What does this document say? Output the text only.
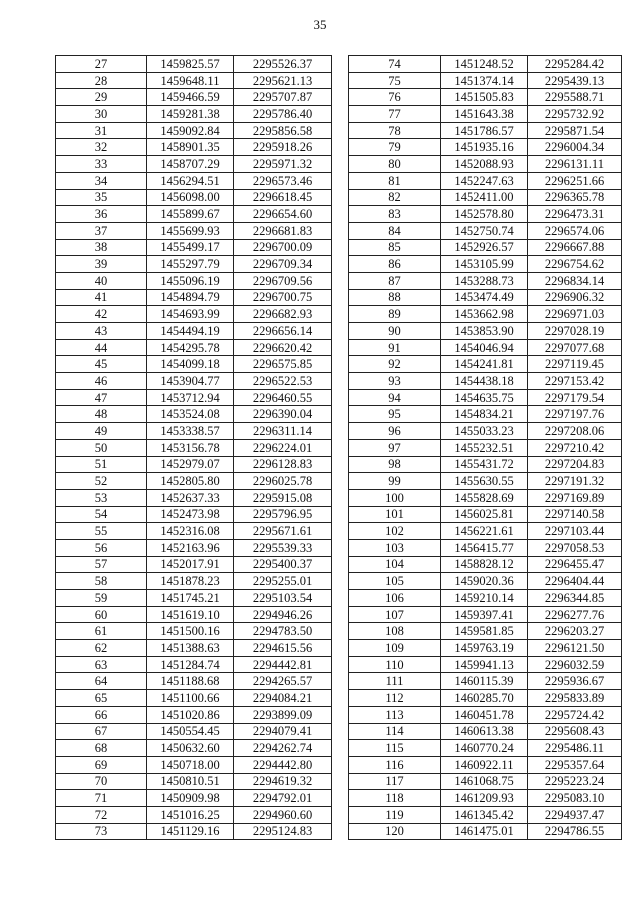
35
27	1459825.57	2295526.37
28	1459648.11	2295621.13
29	1459466.59	2295707.87
30	1459281.38	2295786.40
31	1459092.84	2295856.58
32	1458901.35	2295918.26
33	1458707.29	2295971.32
34	1456294.51	2296573.46
35	1456098.00	2296618.45
36	1455899.67	2296654.60
37	1455699.93	2296681.83
38	1455499.17	2296700.09
39	1455297.79	2296709.34
40	1455096.19	2296709.56
41	1454894.79	2296700.75
42	1454693.99	2296682.93
43	1454494.19	2296656.14
44	1454295.78	2296620.42
45	1454099.18	2296575.85
46	1453904.77	2296522.53
47	1453712.94	2296460.55
48	1453524.08	2296390.04
49	1453338.57	2296311.14
50	1453156.78	2296224.01
51	1452979.07	2296128.83
52	1452805.80	2296025.78
53	1452637.33	2295915.08
54	1452473.98	2295796.95
55	1452316.08	2295671.61
56	1452163.96	2295539.33
57	1452017.91	2295400.37
58	1451878.23	2295255.01
59	1451745.21	2295103.54
60	1451619.10	2294946.26
61	1451500.16	2294783.50
62	1451388.63	2294615.56
63	1451284.74	2294442.81
64	1451188.68	2294265.57
65	1451100.66	2294084.21
66	1451020.86	2293899.09
67	1450554.45	2294079.41
68	1450632.60	2294262.74
69	1450718.00	2294442.80
70	1450810.51	2294619.32
71	1450909.98	2294792.01
72	1451016.25	2294960.60
73	1451129.16	2295124.83
74	1451248.52	2295284.42
75	1451374.14	2295439.13
76	1451505.83	2295588.71
77	1451643.38	2295732.92
78	1451786.57	2295871.54
79	1451935.16	2296004.34
80	1452088.93	2296131.11
81	1452247.63	2296251.66
82	1452411.00	2296365.78
83	1452578.80	2296473.31
84	1452750.74	2296574.06
85	1452926.57	2296667.88
86	1453105.99	2296754.62
87	1453288.73	2296834.14
88	1453474.49	2296906.32
89	1453662.98	2296971.03
90	1453853.90	2297028.19
91	1454046.94	2297077.68
92	1454241.81	2297119.45
93	1454438.18	2297153.42
94	1454635.75	2297179.54
95	1454834.21	2297197.76
96	1455033.23	2297208.06
97	1455232.51	2297210.42
98	1455431.72	2297204.83
99	1455630.55	2297191.32
100	1455828.69	2297169.89
101	1456025.81	2297140.58
102	1456221.61	2297103.44
103	1456415.77	2297058.53
104	1458828.12	2296455.47
105	1459020.36	2296404.44
106	1459210.14	2296344.85
107	1459397.41	2296277.76
108	1459581.85	2296203.27
109	1459763.19	2296121.50
110	1459941.13	2296032.59
111	1460115.39	2295936.67
112	1460285.70	2295833.89
113	1460451.78	2295724.42
114	1460613.38	2295608.43
115	1460770.24	2295486.11
116	1460922.11	2295357.64
117	1461068.75	2295223.24
118	1461209.93	2295083.10
119	1461345.42	2294937.47
120	1461475.01	2294786.55
